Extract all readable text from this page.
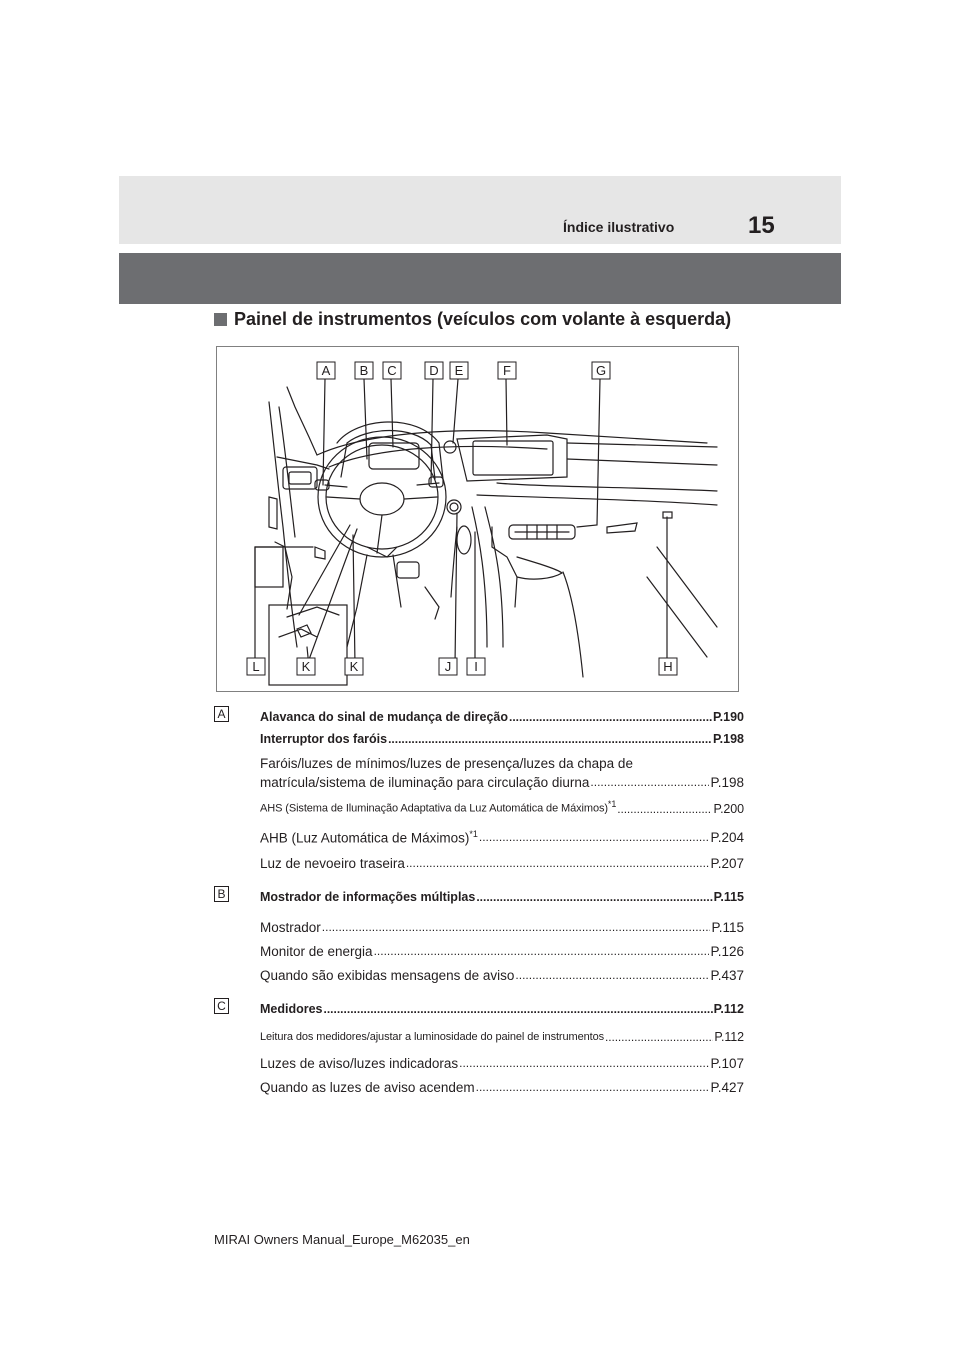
Índice ilustrativo	15
Painel de instrumentos (veículos com volante à esquerda)
A B C	D E	F	G
L	K	K	J I	H
A	Alavanca do sinal de mudança de direção .....	P.190
Interruptor dos faróis .....	P.198
Faróis/luzes de mínimos/luzes de presença/luzes da chapa de
matrícula/sistema de iluminação para circulação diurna .....	P.198
AHS (Sistema de Iluminação Adaptativa da Luz Automática de Máximos)$^{*1}$ .....	P.200
AHB (Luz Automática de Máximos)$^{*1}$ .....	P.204
Luz de nevoeiro traseira .....	P.207
B	Mostrador de informações múltiplas .....	P.115
Mostrador .....	P.115
Monitor de energia .....	P.126
Quando são exibidas mensagens de aviso .....	P.437
C	Medidores .....	P.112
Leitura dos medidores/ajustar a luminosidade do painel de instrumentos .....	P.112
Luzes de aviso/luzes indicadoras .....	P.107
Quando as luzes de aviso acendem .....	P.427
MIRAI Owners Manual_Europe_M62035_en
